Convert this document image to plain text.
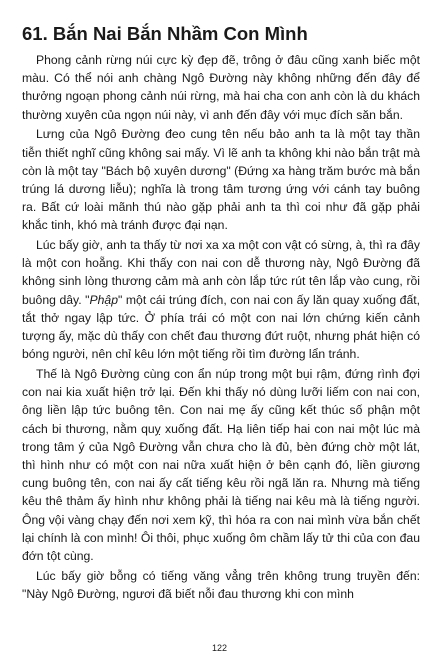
61. Bắn Nai Bắn Nhầm Con Mình

Phong cảnh rừng núi cực kỳ đẹp đẽ, trông ở đâu cũng xanh biếc một màu. Có thể nói anh chàng Ngô Đường này không những đến đây để thưởng ngoạn phong cảnh núi rừng, mà hai cha con anh còn là du khách thường xuyên của ngọn núi này, vì anh đến đây với mục đích săn bắn.

Lưng của Ngô Đường đeo cung tên nếu bảo anh ta là một tay thần tiễn thiết nghĩ cũng không sai mấy. Vì lẽ anh ta không khi nào bắn trật mà còn là một tay "Bách bộ xuyên dương" (Đứng xa hàng trăm bước mà bắn trúng lá dương liễu); nghĩa là trong tâm tương ứng với cánh tay buông ra. Bất cứ loài mãnh thú nào gặp phải anh ta thì coi như đã gặp phải khắc tinh, khó mà tránh được đại nạn.

Lúc bấy giờ, anh ta thấy từ nơi xa xa một con vật có sừng, à, thì ra đây là một con hoẵng. Khi thấy con nai con dễ thương này, Ngô Đường đã không sinh lòng thương cảm mà anh còn lắp tức rút tên lắp vào cung, rồi buông dây. "Phập" một cái trúng đích, con nai con ấy lăn quay xuống đất, tắt thở ngay lập tức. Ở phía trái có một con nai lớn chứng kiến cảnh tượng ấy, mặc dù thấy con chết đau thương đứt ruột, nhưng phát hiện có bóng người, nên chỉ kêu lớn một tiếng rồi tìm đường lẩn tránh.

Thế là Ngô Đường cùng con ẩn núp trong một bụi rậm, đứng rình đợi con nai kia xuất hiện trở lại. Đến khi thấy nó dùng lưỡi liếm con nai con, ông liền lập tức buông tên. Con nai mẹ ấy cũng kết thúc số phận một cách bi thương, nằm quỵ xuống đất. Hạ liên tiếp hai con nai một lúc mà trong tâm ý của Ngô Đường vẫn chưa cho là đủ, bèn đứng chờ một lát, thì hình như có một con nai nữa xuất hiện ở bên cạnh đó, liền giương cung buông tên, con nai ấy cất tiếng kêu rồi ngã lăn ra. Nhưng mà tiếng kêu thê thảm ấy hình như không phải là tiếng nai kêu mà là tiếng người. Ông vội vàng chạy đến nơi xem kỹ, thì hóa ra con nai mình vừa bắn chết lại chính là con mình! Ôi thôi, phục xuống ôm chầm lấy tử thi của con đau đớn tột cùng.

Lúc bấy giờ bỗng có tiếng văng vẳng trên không trung truyền đến: "Này Ngô Đường, ngươi đã biết nỗi đau thương khi con mình

122
